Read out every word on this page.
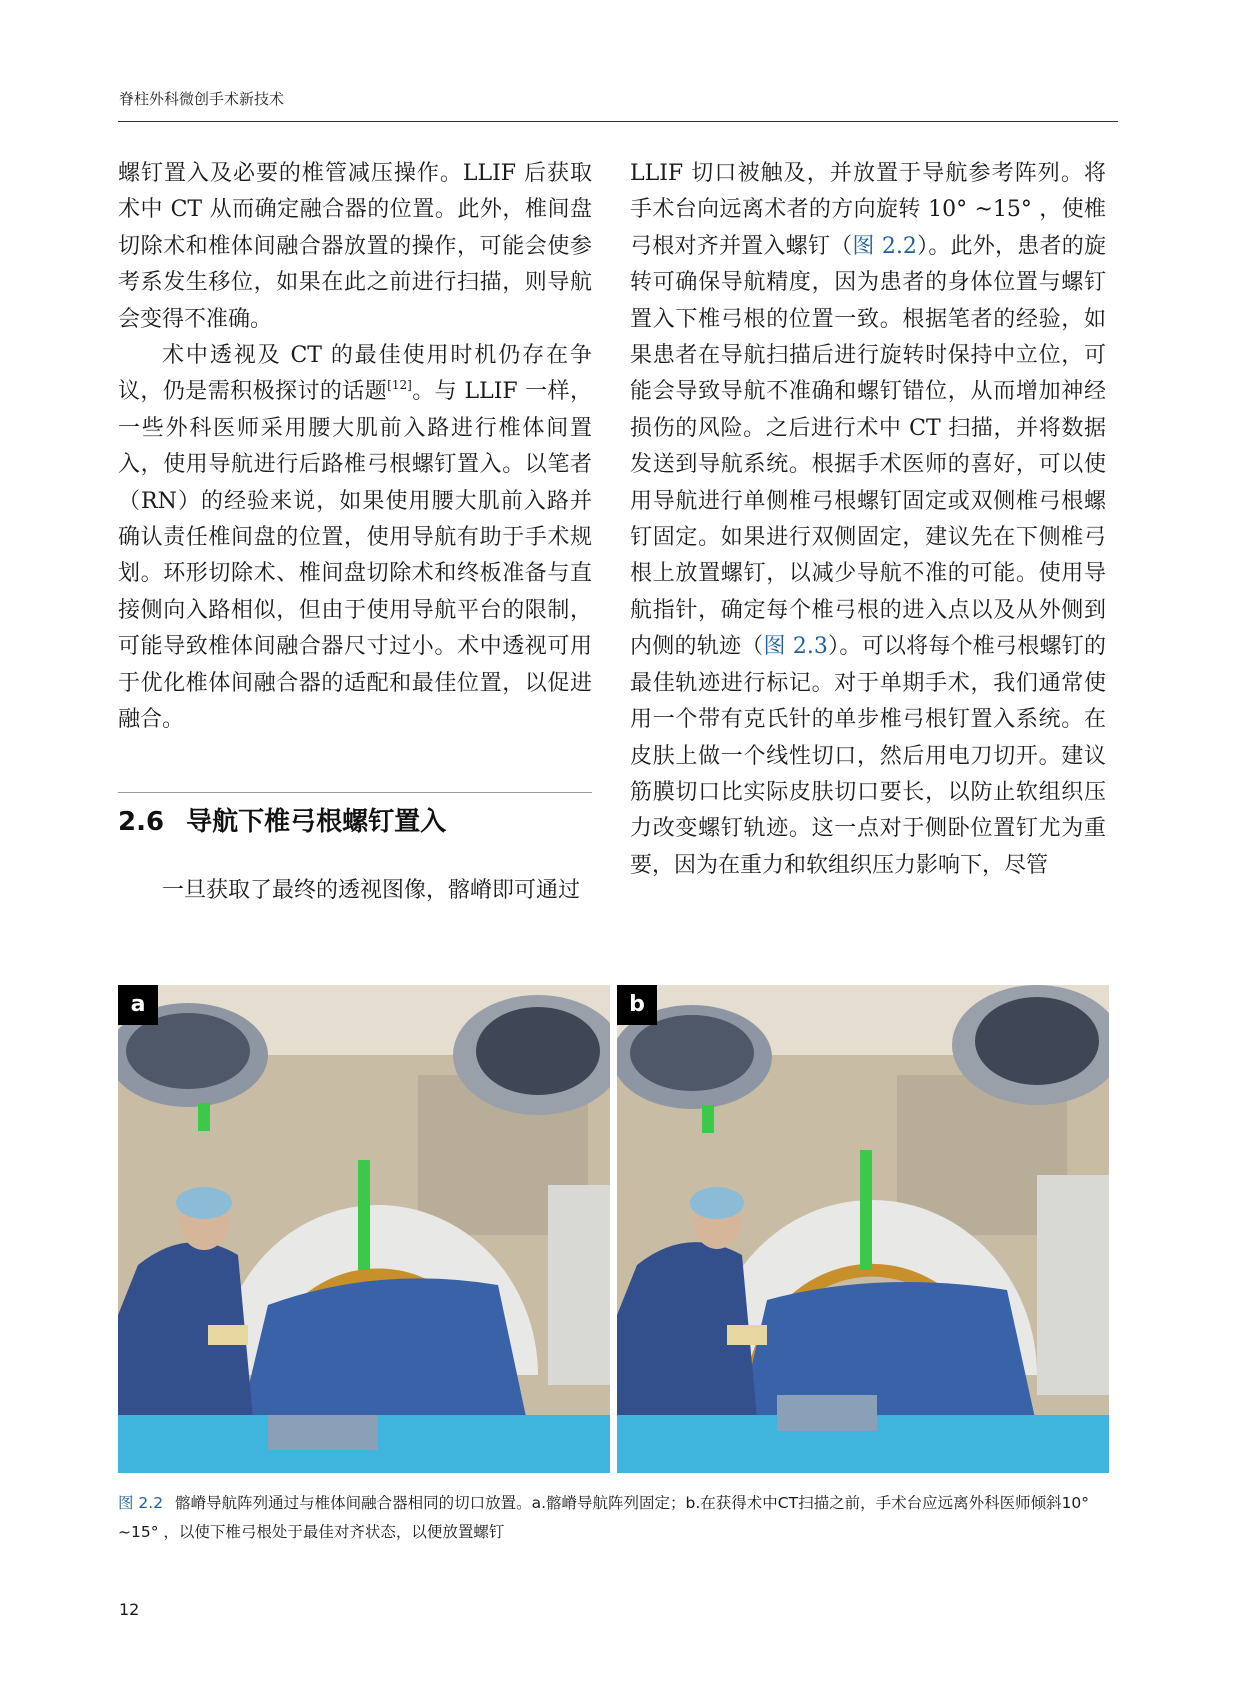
脊柱外科微创手术新技术

螺钉置入及必要的椎管减压操作。LLIF 后获取术中 CT 从而确定融合器的位置。此外，椎间盘切除术和椎体间融合器放置的操作，可能会使参考系发生移位，如果在此之前进行扫描，则导航会变得不准确。

术中透视及 CT 的最佳使用时机仍存在争议，仍是需积极探讨的话题[12]。与 LLIF 一样，一些外科医师采用腰大肌前入路进行椎体间置入，使用导航进行后路椎弓根螺钉置入。以笔者（RN）的经验来说，如果使用腰大肌前入路并确认责任椎间盘的位置，使用导航有助于手术规划。环形切除术、椎间盘切除术和终板准备与直接侧向入路相似，但由于使用导航平台的限制，可能导致椎体间融合器尺寸过小。术中透视可用于优化椎体间融合器的适配和最佳位置，以促进融合。

2.6 导航下椎弓根螺钉置入

一旦获取了最终的透视图像，髂嵴即可通过

LLIF 切口被触及，并放置于导航参考阵列。将手术台向远离术者的方向旋转 10° ~15° ，使椎弓根对齐并置入螺钉（图 2.2）。此外，患者的旋转可确保导航精度，因为患者的身体位置与螺钉置入下椎弓根的位置一致。根据笔者的经验，如果患者在导航扫描后进行旋转时保持中立位，可能会导致导航不准确和螺钉错位，从而增加神经损伤的风险。之后进行术中 CT 扫描，并将数据发送到导航系统。根据手术医师的喜好，可以使用导航进行单侧椎弓根螺钉固定或双侧椎弓根螺钉固定。如果进行双侧固定，建议先在下侧椎弓根上放置螺钉，以减少导航不准的可能。使用导航指针，确定每个椎弓根的进入点以及从外侧到内侧的轨迹（图 2.3）。可以将每个椎弓根螺钉的最佳轨迹进行标记。对于单期手术，我们通常使用一个带有克氏针的单步椎弓根钉置入系统。在皮肤上做一个线性切口，然后用电刀切开。建议筋膜切口比实际皮肤切口要长，以防止软组织压力改变螺钉轨迹。这一点对于侧卧位置钉尤为重要，因为在重力和软组织压力影响下，尽管

a	b
图 2.2 髂嵴导航阵列通过与椎体间融合器相同的切口放置。a.髂嵴导航阵列固定；b.在获得术中CT扫描之前，手术台应远离外科医师倾斜10° ~15° ，以使下椎弓根处于最佳对齐状态，以便放置螺钉
12
